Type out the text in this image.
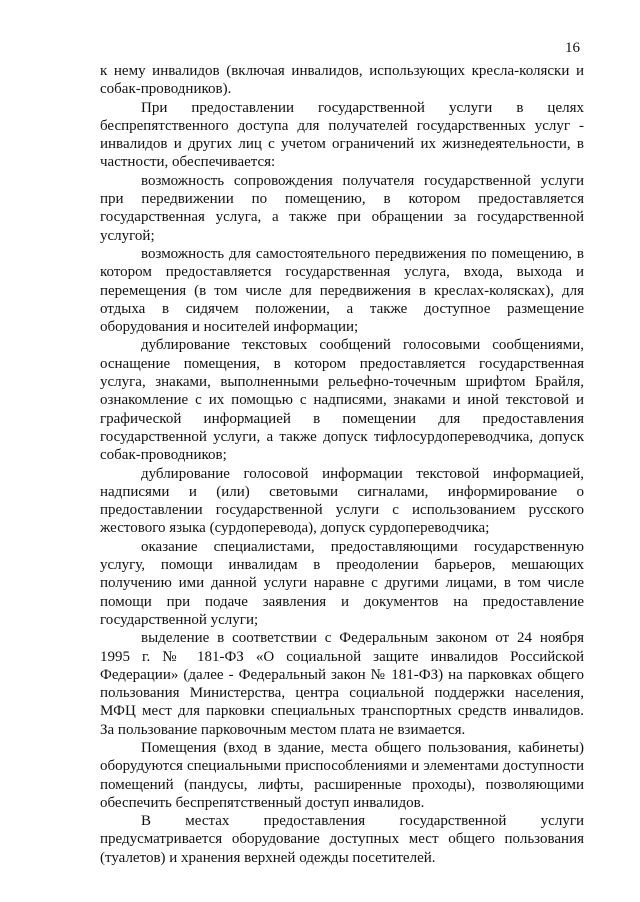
16

к нему инвалидов (включая инвалидов, использующих кресла-коляски и собак-проводников).

При предоставлении государственной услуги в целях беспрепятственного доступа для получателей государственных услуг - инвалидов и других лиц с учетом ограничений их жизнедеятельности, в частности, обеспечивается:

возможность сопровождения получателя государственной услуги при передвижении по помещению, в котором предоставляется государственная услуга, а также при обращении за государственной услугой;

возможность для самостоятельного передвижения по помещению, в котором предоставляется государственная услуга, входа, выхода и перемещения (в том числе для передвижения в креслах-колясках), для отдыха в сидячем положении, а также доступное размещение оборудования и носителей информации;

дублирование текстовых сообщений голосовыми сообщениями, оснащение помещения, в котором предоставляется государственная услуга, знаками, выполненными рельефно-точечным шрифтом Брайля, ознакомление с их помощью с надписями, знаками и иной текстовой и графической информацией в помещении для предоставления государственной услуги, а также допуск тифлосурдопереводчика, допуск собак-проводников;

дублирование голосовой информации текстовой информацией, надписями и (или) световыми сигналами, информирование о предоставлении государственной услуги с использованием русского жестового языка (сурдоперевода), допуск сурдопереводчика;

оказание специалистами, предоставляющими государственную услугу, помощи инвалидам в преодолении барьеров, мешающих получению ими данной услуги наравне с другими лицами, в том числе помощи при подаче заявления и документов на предоставление государственной услуги;

выделение в соответствии с Федеральным законом от 24 ноября 1995 г. № 181-ФЗ «О социальной защите инвалидов Российской Федерации» (далее - Федеральный закон № 181-ФЗ) на парковках общего пользования Министерства, центра социальной поддержки населения, МФЦ мест для парковки специальных транспортных средств инвалидов. За пользование парковочным местом плата не взимается.

Помещения (вход в здание, места общего пользования, кабинеты) оборудуются специальными приспособлениями и элементами доступности помещений (пандусы, лифты, расширенные проходы), позволяющими обеспечить беспрепятственный доступ инвалидов.

В местах предоставления государственной услуги предусматривается оборудование доступных мест общего пользования (туалетов) и хранения верхней одежды посетителей.
